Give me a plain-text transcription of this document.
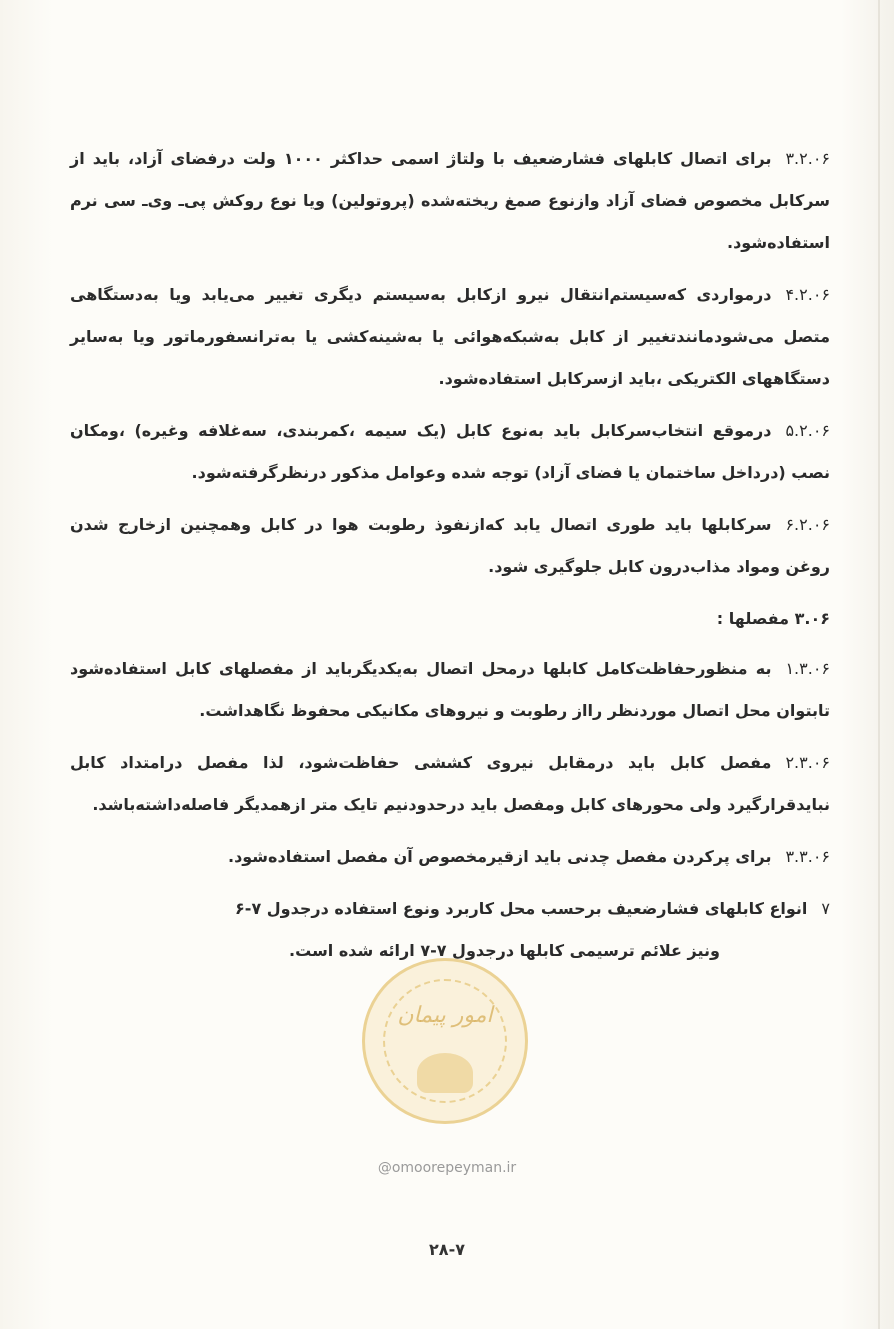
۳.۲.۰۶برای اتصال کابلهای فشارضعیف با ولتاژ اسمی حداکثر ۱۰۰۰ ولت درفضای آزاد، باید از سرکابل مخصوص فضای آزاد وازنوع صمغ ریخته‌شده (پروتولین) ویا نوع روکش پی‌ـ وی‌ـ سی نرم استفاده‌شود.

۴.۲.۰۶درمواردی که‌سیستم‌انتقال نیرو ازکابل به‌سیستم دیگری تغییر می‌یابد ویا به‌دستگاهی متصل می‌شودمانندتغییر از کابل به‌شبکه‌هوائی یا به‌شینه‌کشی یا به‌ترانسفورماتور ویا به‌سایر دستگاههای الکتریکی ،باید ازسرکابل استفاده‌شود.

۵.۲.۰۶درموقع انتخاب‌سرکابل باید به‌نوع کابل (یک سیمه ،کمربندی، سه‌غلافه وغیره) ،ومکان نصب (درداخل ساختمان یا فضای آزاد) توجه شده وعوامل مذکور درنظرگرفته‌شود.

۶.۲.۰۶سرکابلها باید طوری اتصال یابد که‌ازنفوذ رطوبت هوا در کابل وهمچنین ازخارج شدن روغن ومواد مذاب‌درون کابل جلوگیری شود.

۳.۰۶ مفصلها :

۱.۳.۰۶به منظورحفاظت‌کامل کابلها درمحل اتصال به‌یکدیگرباید از مفصلهای کابل استفاده‌شود تابتوان محل اتصال موردنظر رااز رطوبت و نیروهای مکانیکی محفوظ نگاهداشت.

۲.۳.۰۶مفصل کابل باید درمقابل نیروی کششی حفاظت‌شود، لذا مفصل درامتداد کابل نبایدقرارگیرد ولی محورهای کابل ومفصل باید درحدودنیم تایک متر ازهمدیگر فاصله‌داشته‌باشد.

۳.۳.۰۶برای پرکردن مفصل چدنی باید ازقیرمخصوص آن مفصل استفاده‌شود.

۷انواع کابلهای فشارضعیف برحسب محل کاربرد ونوع استفاده درجدول ۷-۶
ونیز علائم ترسیمی کابلها درجدول ۷-۷ ارائه شده است.

امور پیمان
@omoorepeyman.ir
۲۸-۷
